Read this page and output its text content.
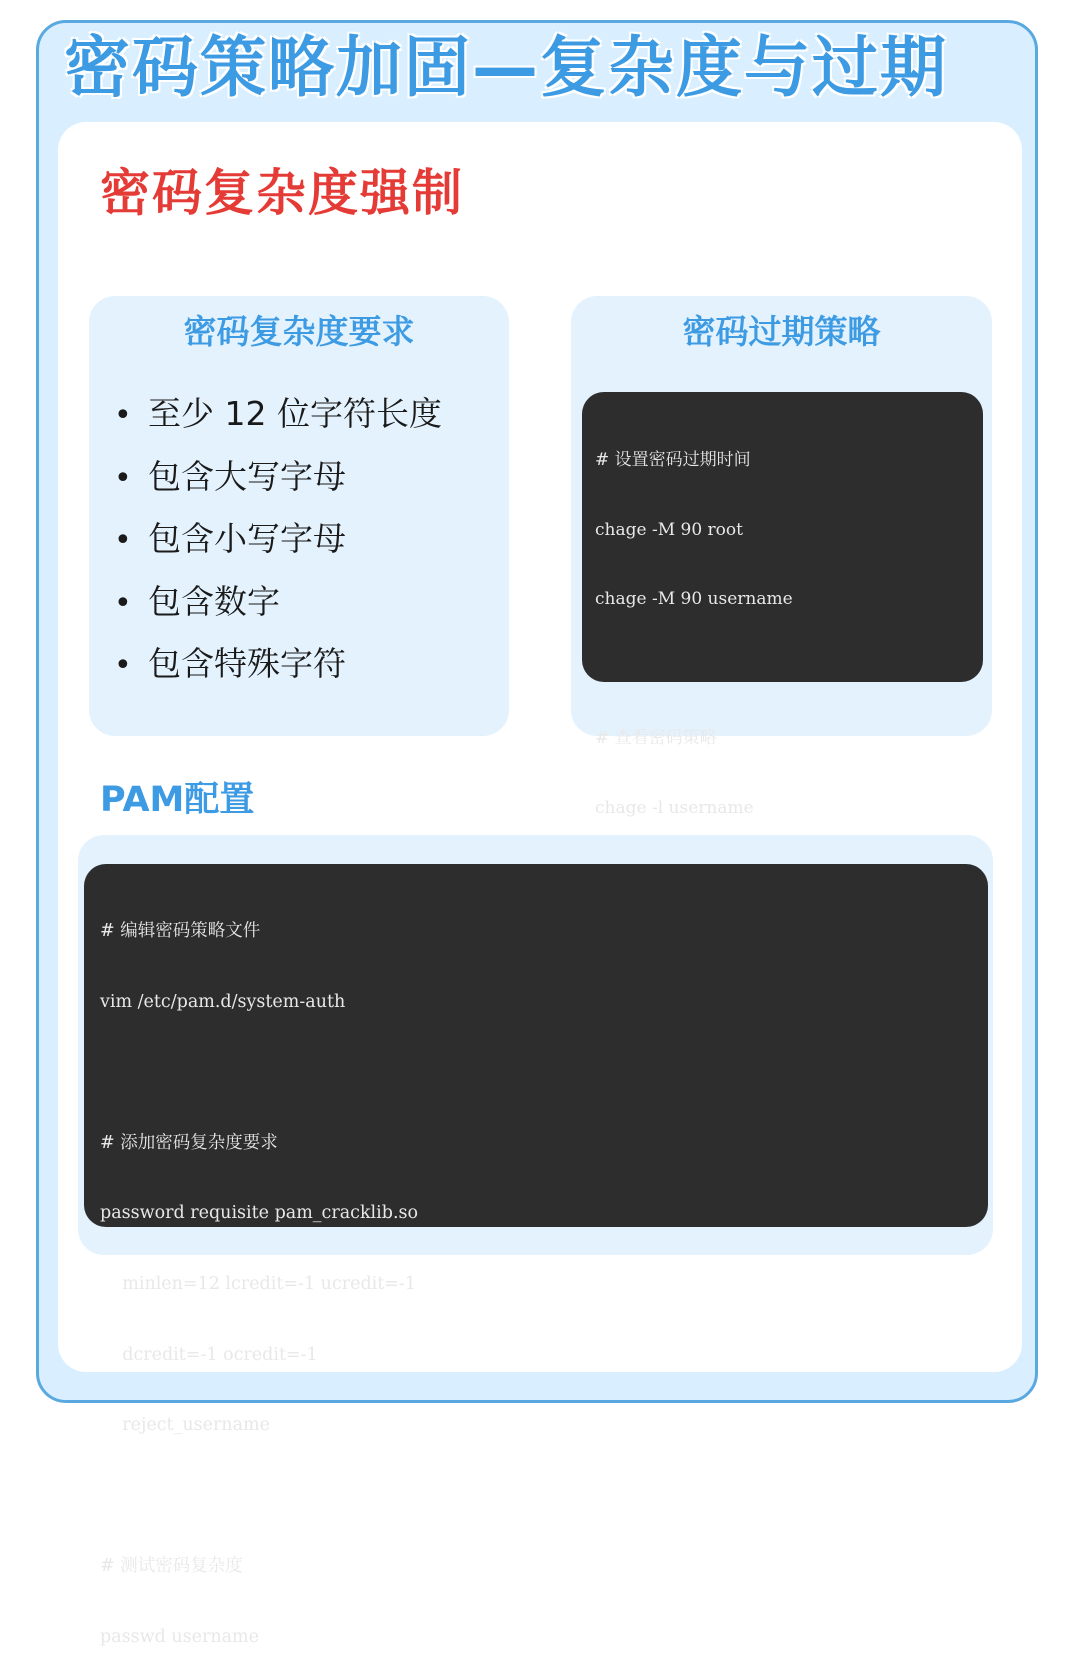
密码策略加固—复杂度与过期
密码复杂度强制
密码复杂度要求
• 至少 12 位字符长度
• 包含大写字母
• 包含小写字母
• 包含数字
• 包含特殊字符
密码过期策略

# 设置密码过期时间

chage -M 90 root

chage -M 90 username

# 查看密码策略

chage -l username

PAM配置

# 编辑密码策略文件

vim /etc/pam.d/system-auth

# 添加密码复杂度要求

password requisite pam_cracklib.so

minlen=12 lcredit=-1 ucredit=-1

dcredit=-1 ocredit=-1

reject_username

# 测试密码复杂度

passwd username
